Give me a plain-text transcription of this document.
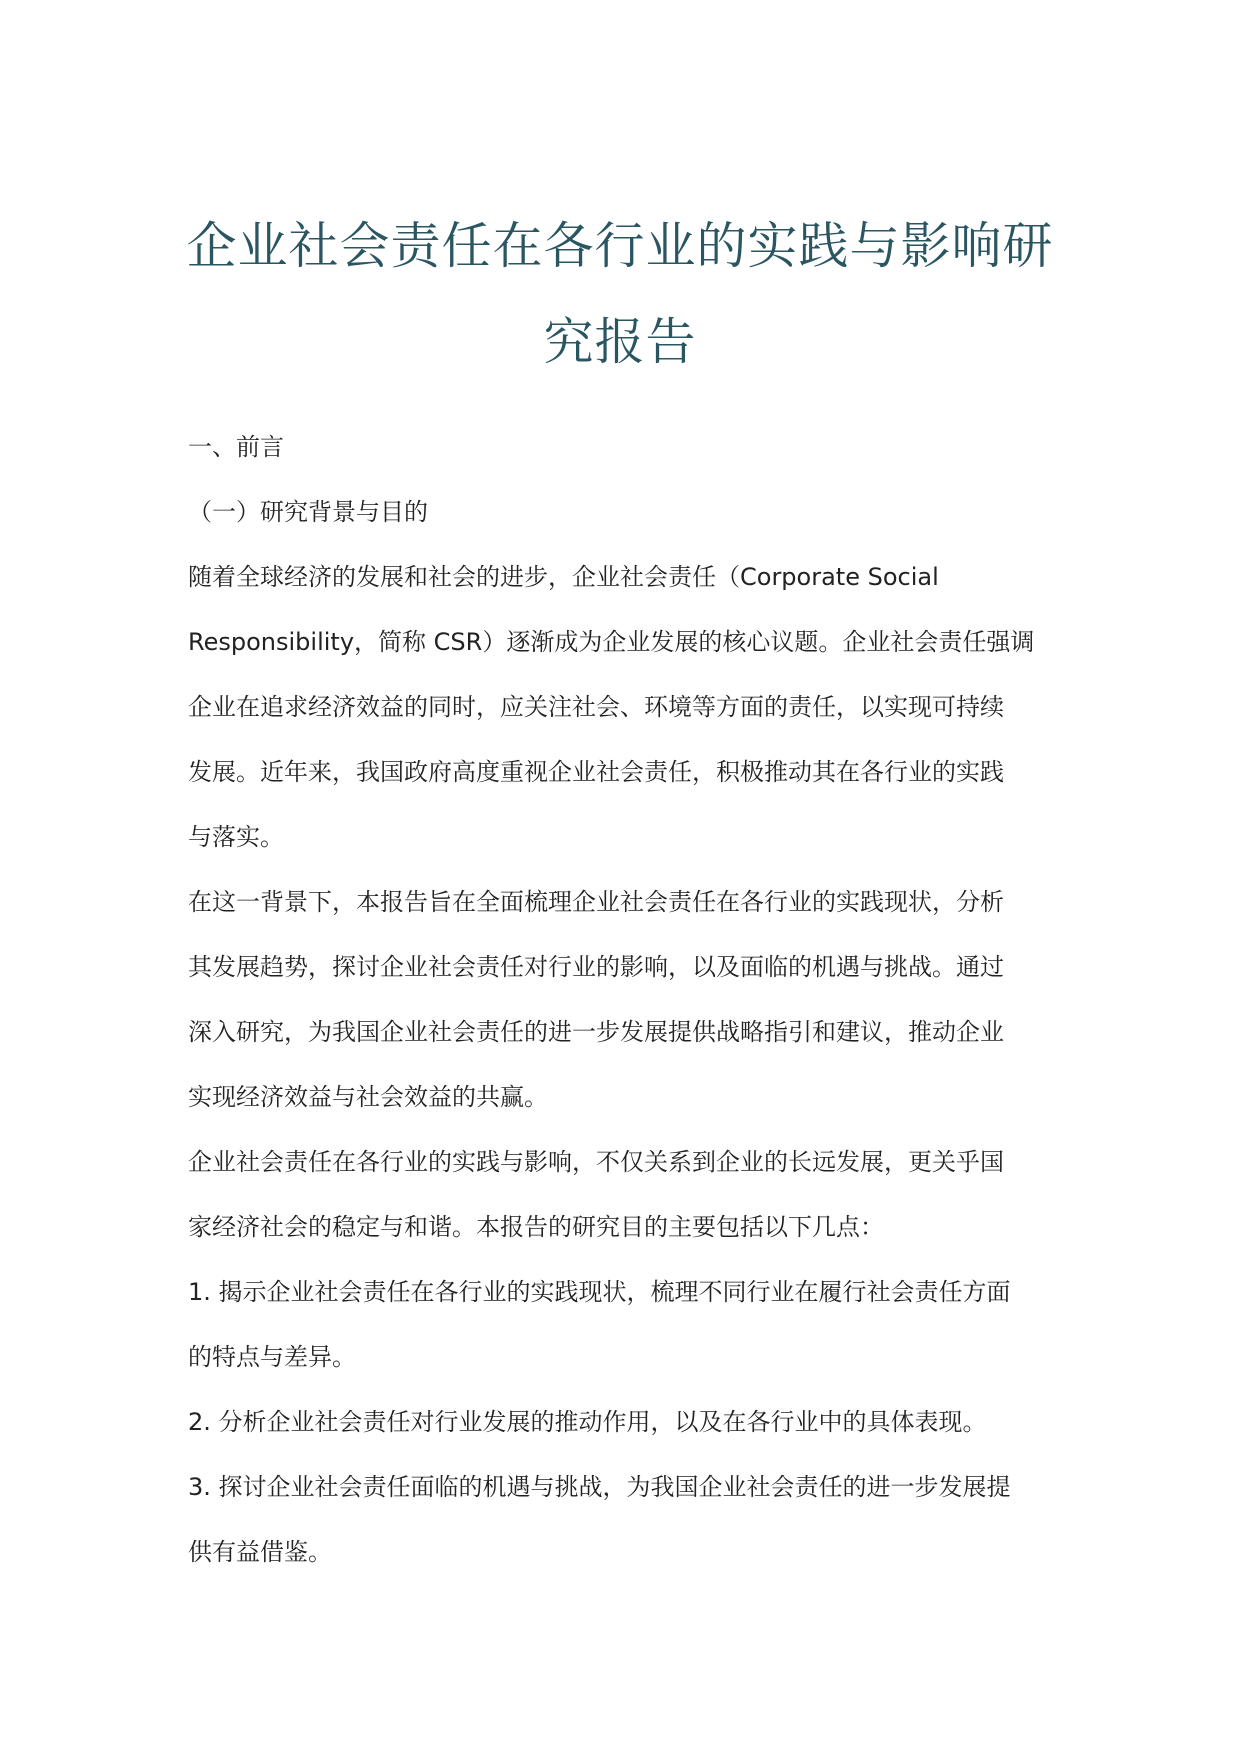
企业社会责任在各行业的实践与影响研
究报告

一、前言

（一）研究背景与目的

随着全球经济的发展和社会的进步，企业社会责任（Corporate Social

Responsibility，简称 CSR）逐渐成为企业发展的核心议题。企业社会责任强调

企业在追求经济效益的同时，应关注社会、环境等方面的责任，以实现可持续

发展。近年来，我国政府高度重视企业社会责任，积极推动其在各行业的实践

与落实。

在这一背景下，本报告旨在全面梳理企业社会责任在各行业的实践现状，分析

其发展趋势，探讨企业社会责任对行业的影响，以及面临的机遇与挑战。通过

深入研究，为我国企业社会责任的进一步发展提供战略指引和建议，推动企业

实现经济效益与社会效益的共赢。

企业社会责任在各行业的实践与影响，不仅关系到企业的长远发展，更关乎国

家经济社会的稳定与和谐。本报告的研究目的主要包括以下几点：

1. 揭示企业社会责任在各行业的实践现状，梳理不同行业在履行社会责任方面

的特点与差异。

2. 分析企业社会责任对行业发展的推动作用，以及在各行业中的具体表现。

3. 探讨企业社会责任面临的机遇与挑战，为我国企业社会责任的进一步发展提

供有益借鉴。
